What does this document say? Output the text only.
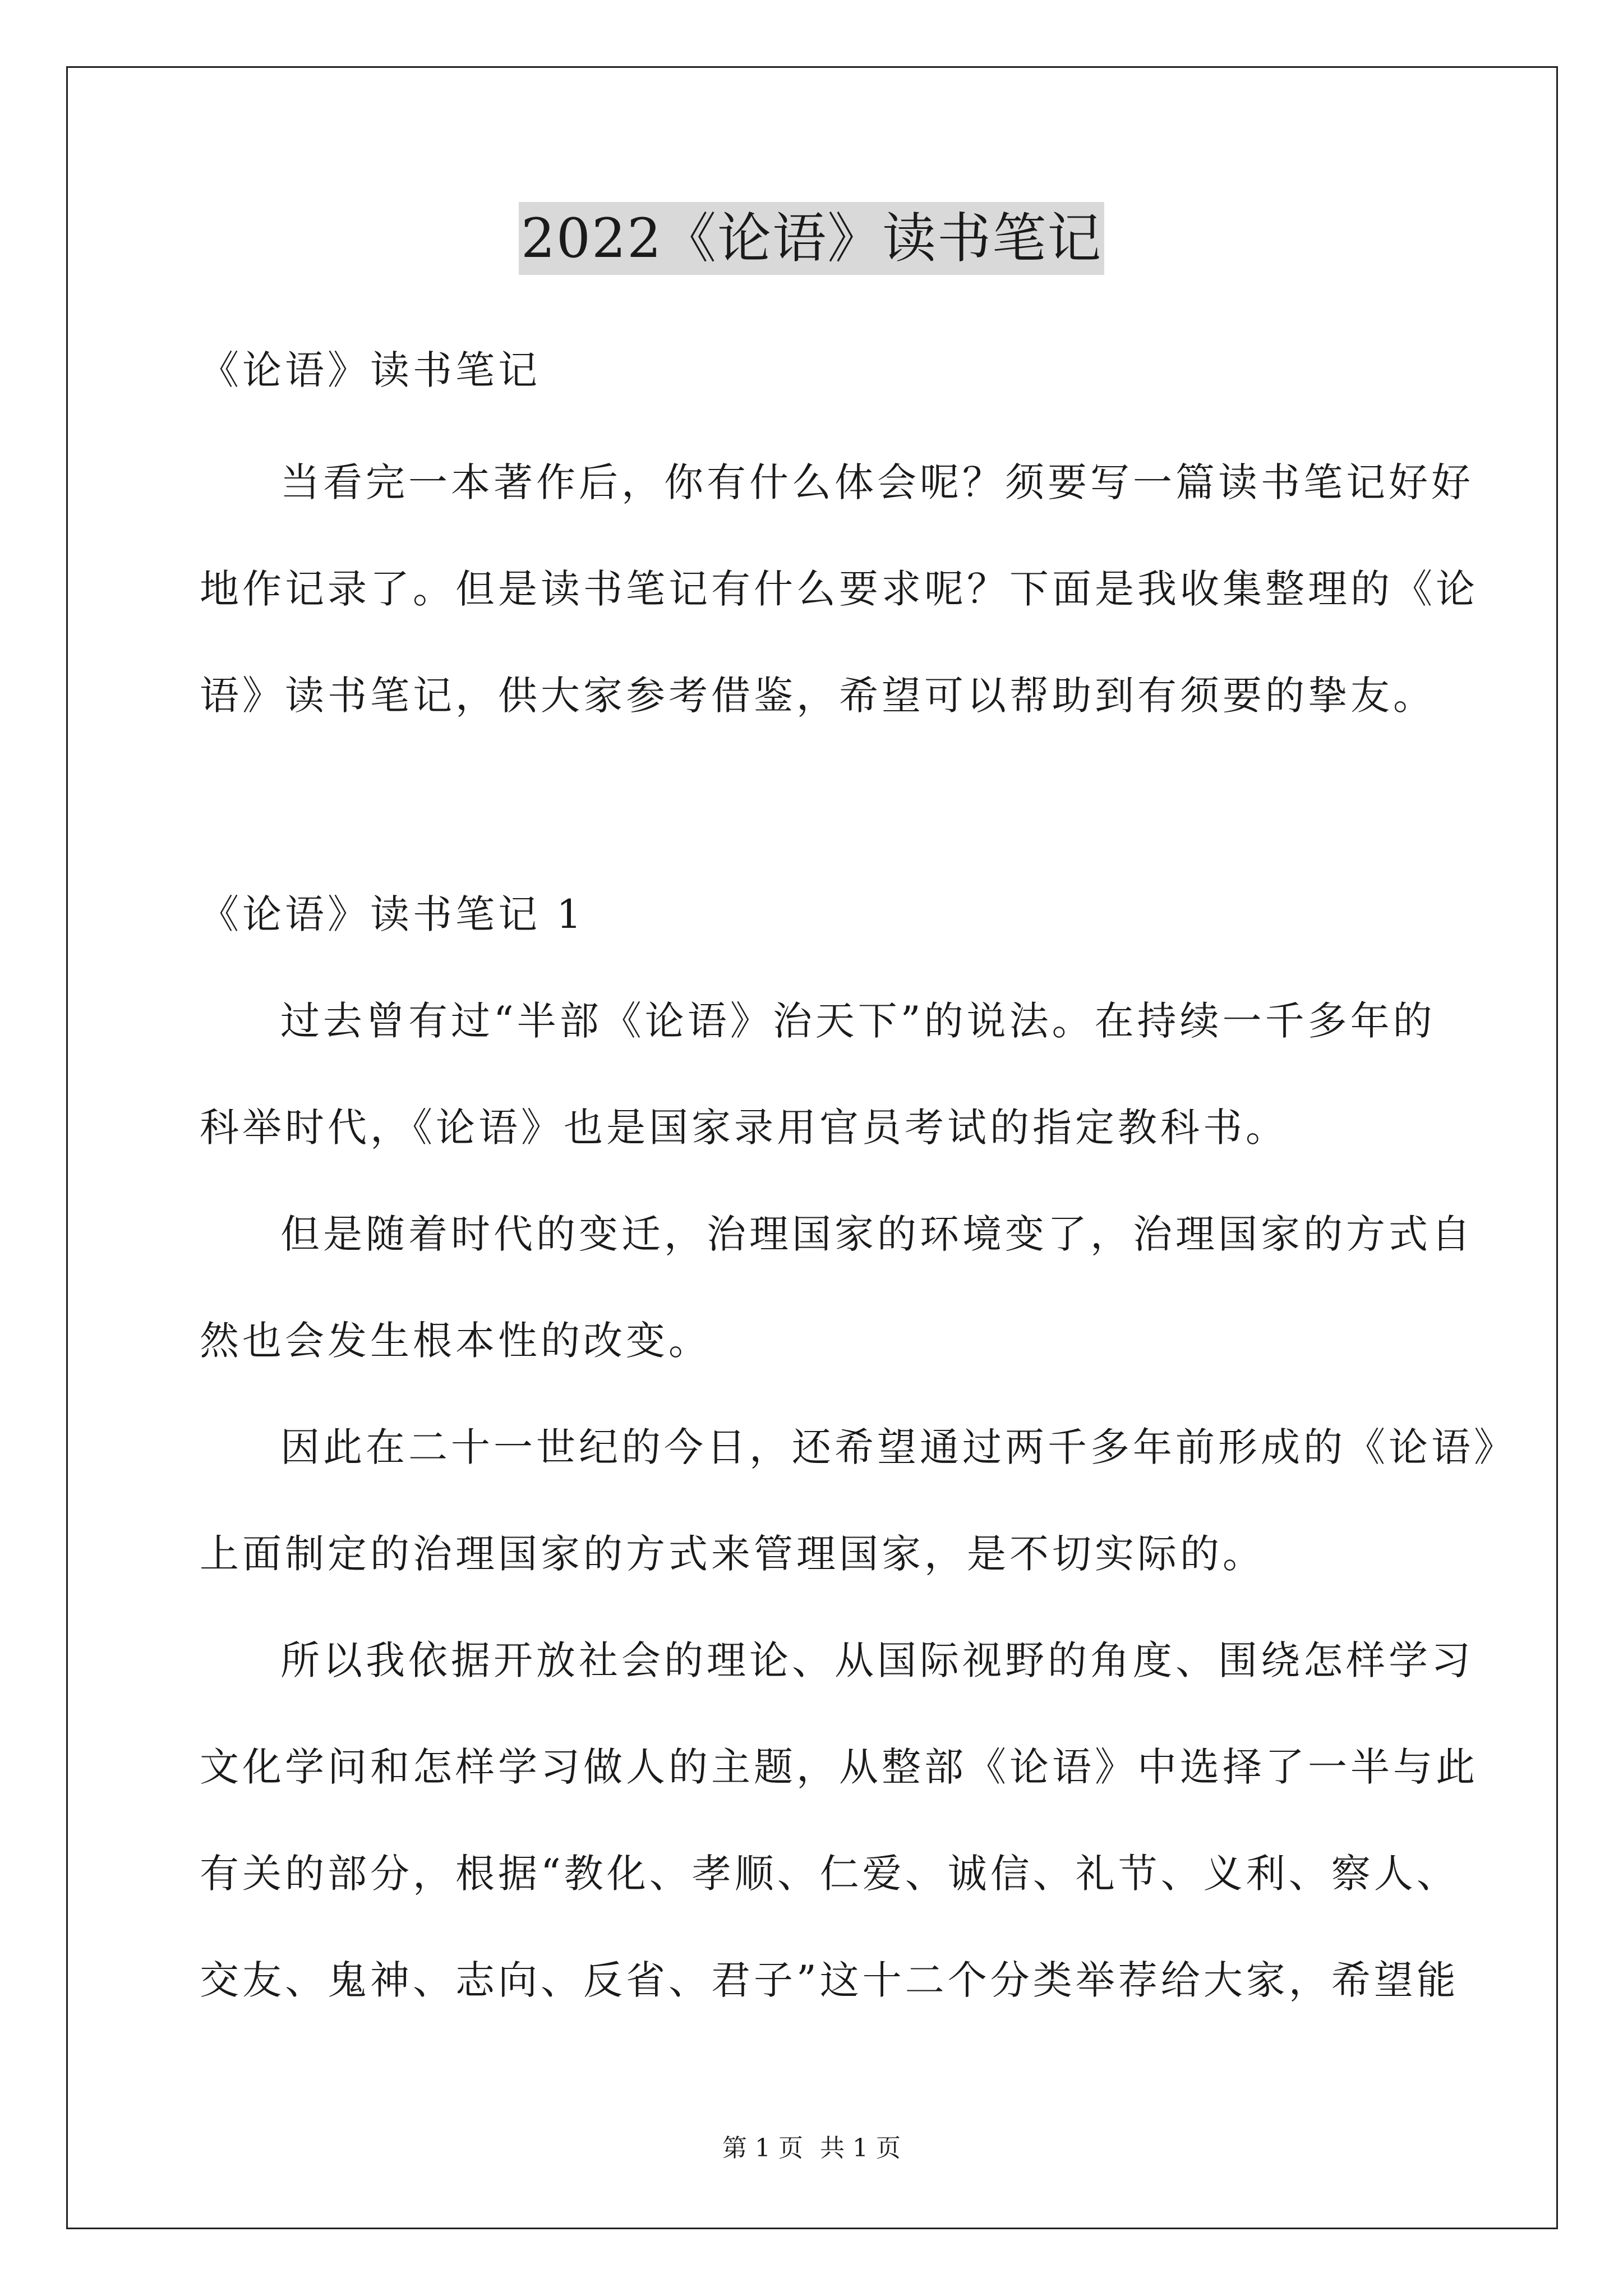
2022《论语》读书笔记
《论语》读书笔记
当看完一本著作后，你有什么体会呢？须要写一篇读书笔记好好
地作记录了。但是读书笔记有什么要求呢？下面是我收集整理的《论
语》读书笔记，供大家参考借鉴，希望可以帮助到有须要的挚友。
《论语》读书笔记 1
过去曾有过“半部《论语》治天下”的说法。在持续一千多年的
科举时代，《论语》也是国家录用官员考试的指定教科书。
但是随着时代的变迁，治理国家的环境变了，治理国家的方式自
然也会发生根本性的改变。
因此在二十一世纪的今日，还希望通过两千多年前形成的《论语》
上面制定的治理国家的方式来管理国家，是不切实际的。
所以我依据开放社会的理论、从国际视野的角度、围绕怎样学习
文化学问和怎样学习做人的主题，从整部《论语》中选择了一半与此
有关的部分，根据“教化、孝顺、仁爱、诚信、礼节、义利、察人、
交友、鬼神、志向、反省、君子”这十二个分类举荐给大家，希望能
第 1 页 共 1 页
